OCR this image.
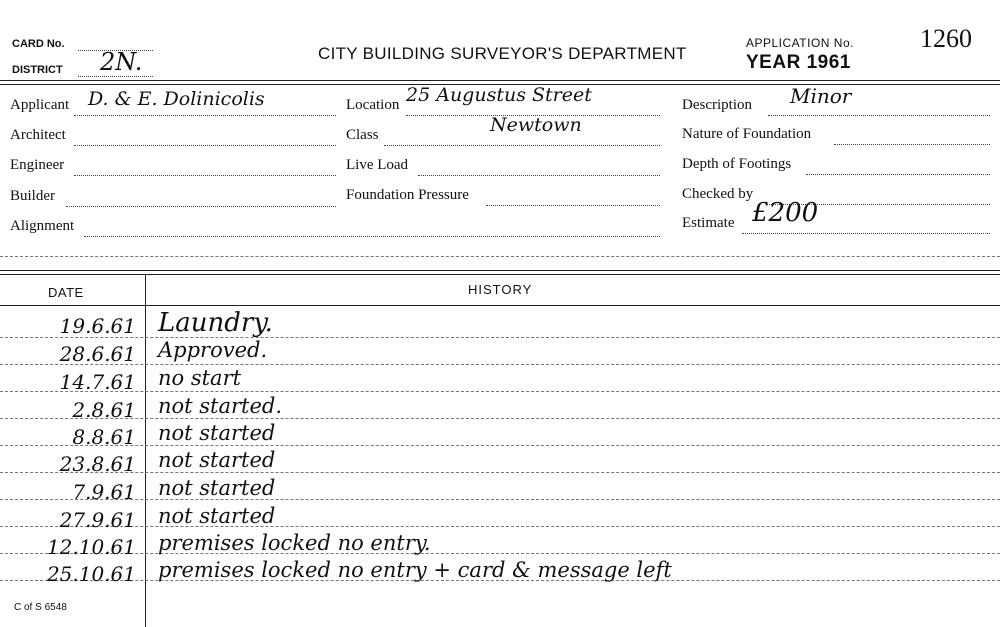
CARD No.
DISTRICT 2N.	CITY BUILDING SURVEYOR'S DEPARTMENT
APPLICATION No.	1260
YEAR 1961
Applicant D. & E. Dolinicolis
Architect
Engineer
Builder
Alignment
Location 25 Augustus Street
Newtown
Class
Live Load
Foundation Pressure
Description Minor
Nature of Foundation
Depth of Footings
Checked by
Estimate £200
DATE	HISTORY
19.6.61 Laundry.
28.6.61 Approved.
14.7.61 no start
2.8.61 not started.
8.8.61 not started
23.8.61 not started
7.9.61 not started
27.9.61 not started
12.10.61 premises locked no entry.
25.10.61 premises locked no entry + card & message left
C of S 6548
